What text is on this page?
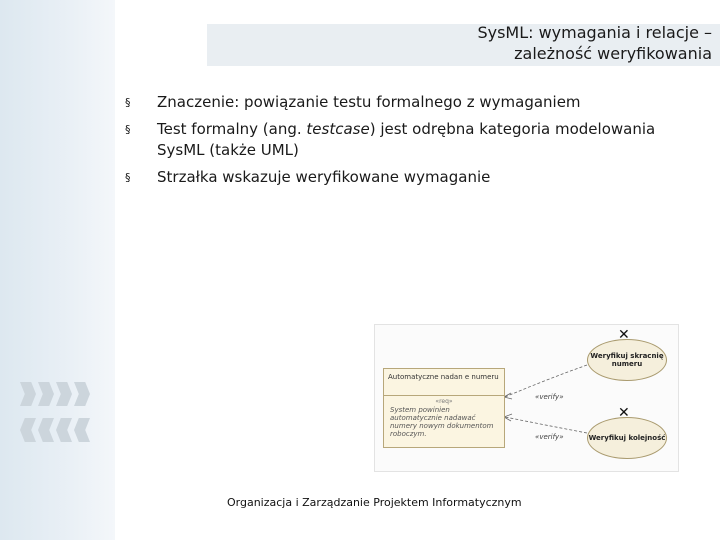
SysML: wymagania i relacje –
zależność weryfikowania
§ Znaczenie: powiązanie testu formalnego z wymaganiem
§ Test formalny (ang. testcase) jest odrębna kategoria modelowania SysML (także UML)
§ Strzałka wskazuje weryfikowane wymaganie
Automatyczne nadan e numeru
«req»
System powinien automatycznie nadawać numery nowym dokumentom roboczym.
✕
Weryfikuj skracnię numeru
✕
Weryfikuj kolejność
«verify»
«verify»
Organizacja i Zarządzanie Projektem Informatycznym
